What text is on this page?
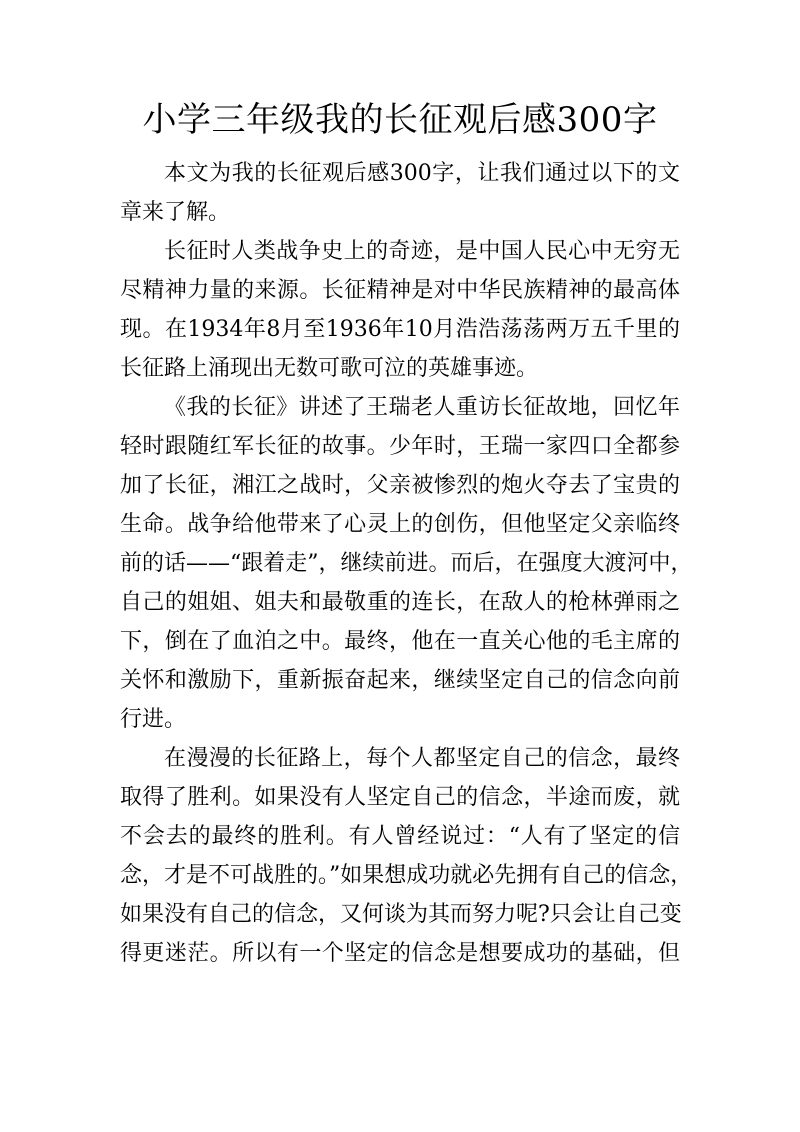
小学三年级我的长征观后感300字
本文为我的长征观后感300字，让我们通过以下的文
章来了解。
长征时人类战争史上的奇迹，是中国人民心中无穷无
尽精神力量的来源。长征精神是对中华民族精神的最高体
现。在1934年8月至1936年10月浩浩荡荡两万五千里的
长征路上涌现出无数可歌可泣的英雄事迹。
《我的长征》讲述了王瑞老人重访长征故地，回忆年
轻时跟随红军长征的故事。少年时，王瑞一家四口全都参
加了长征，湘江之战时，父亲被惨烈的炮火夺去了宝贵的
生命。战争给他带来了心灵上的创伤，但他坚定父亲临终
前的话——“跟着走”，继续前进。而后，在强度大渡河中，
自己的姐姐、姐夫和最敬重的连长，在敌人的枪林弹雨之
下，倒在了血泊之中。最终，他在一直关心他的毛主席的
关怀和激励下，重新振奋起来，继续坚定自己的信念向前
行进。
在漫漫的长征路上，每个人都坚定自己的信念，最终
取得了胜利。如果没有人坚定自己的信念，半途而废，就
不会去的最终的胜利。有人曾经说过：“人有了坚定的信
念，才是不可战胜的。”如果想成功就必先拥有自己的信念，
如果没有自己的信念，又何谈为其而努力呢?只会让自己变
得更迷茫。所以有一个坚定的信念是想要成功的基础，但
